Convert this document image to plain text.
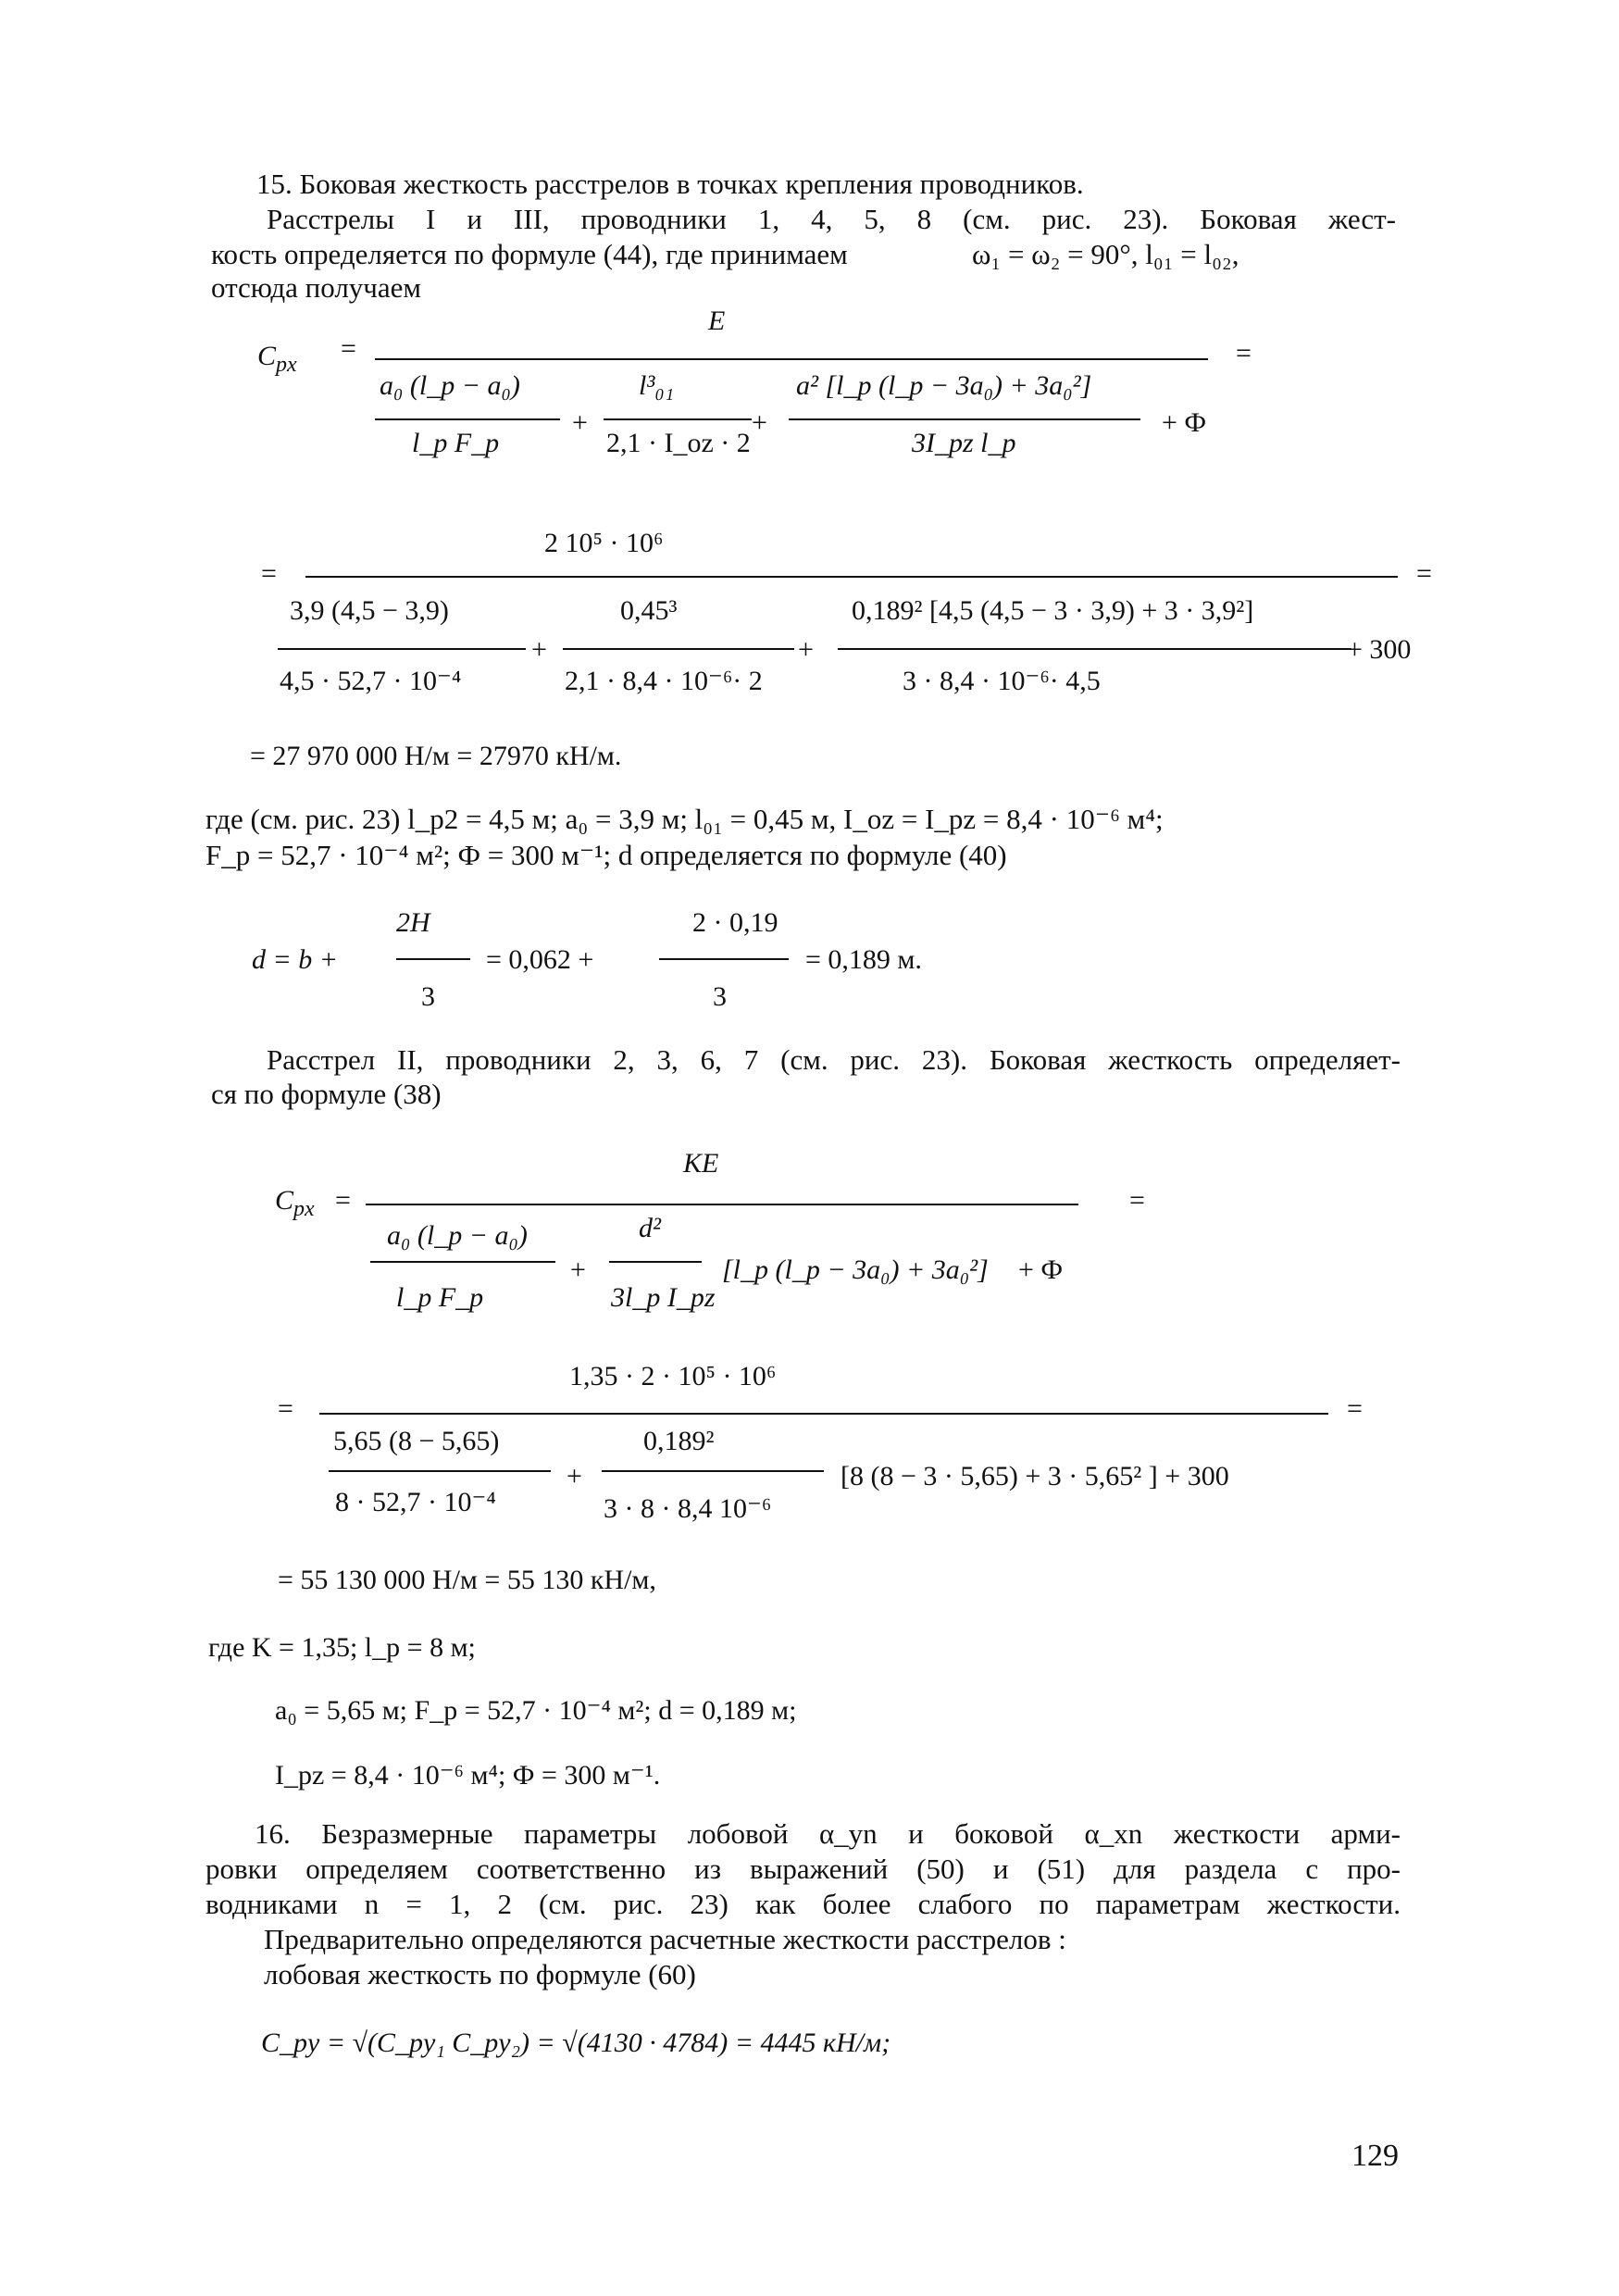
15. Боковая жесткость расстрелов в точках крепления проводников.
Расстрелы I и III, проводники 1, 4, 5, 8 (см. рис. 23). Боковая жест-
кость определяется по формуле (44), где принимаем	ω₁ = ω₂ = 90°, l₀₁ = l₀₂,
отсюда получаем
E
$C_{px}$
=	=
a₀ (l_p − a₀)
l_p F_p
+
l³₀₁
2,1 · I_oz · 2
+
a² [l_p (l_p − 3a₀) + 3a₀²]
3I_pz l_p
+ Ф
2 10⁵ · 10⁶
=	=
3,9 (4,5 − 3,9)
4,5 · 52,7 · 10⁻⁴
+
0,45³
2,1 · 8,4 · 10⁻⁶· 2
+
0,189² [4,5 (4,5 − 3 · 3,9) + 3 · 3,9²]
3 · 8,4 · 10⁻⁶· 4,5
+ 300
= 27 970 000 Н/м = 27970 кН/м.
где (см. рис. 23) l_p2 = 4,5 м; a₀ = 3,9 м; l₀₁ = 0,45 м, I_oz = I_pz = 8,4 · 10⁻⁶ м⁴;
F_p = 52,7 · 10⁻⁴ м²; Ф = 300 м⁻¹; d определяется по формуле (40)
d = b +
2H
3
= 0,062 +
2 · 0,19
3
= 0,189 м.
Расстрел II, проводники 2, 3, 6, 7 (см. рис. 23). Боковая жесткость определяет-
ся по формуле (38)
KE
$C_{px}$ =	=
a₀ (l_p − a₀)
l_p F_p
+
d²
3l_p I_pz
[l_p (l_p − 3a₀) + 3a₀²] + Ф
1,35 · 2 · 10⁵ · 10⁶
=	=
5,65 (8 − 5,65)
8 · 52,7 · 10⁻⁴
+
0,189²
3 · 8 · 8,4 10⁻⁶
[8 (8 − 3 · 5,65) + 3 · 5,65² ] + 300
= 55 130 000 Н/м = 55 130 кН/м,
где K = 1,35; l_p = 8 м;
a₀ = 5,65 м; F_p = 52,7 · 10⁻⁴ м²; d = 0,189 м;
I_pz = 8,4 · 10⁻⁶ м⁴; Ф = 300 м⁻¹.
16. Безразмерные параметры лобовой α_yn и боковой α_xn жесткости арми-
ровки определяем соответственно из выражений (50) и (51) для раздела с про-
водниками n = 1, 2 (см. рис. 23) как более слабого по параметрам жесткости.
Предварительно определяются расчетные жесткости расстрелов :
лобовая жесткость по формуле (60)
C_py = √(C_py₁ C_py₂) = √(4130 · 4784) = 4445 кН/м;
129
